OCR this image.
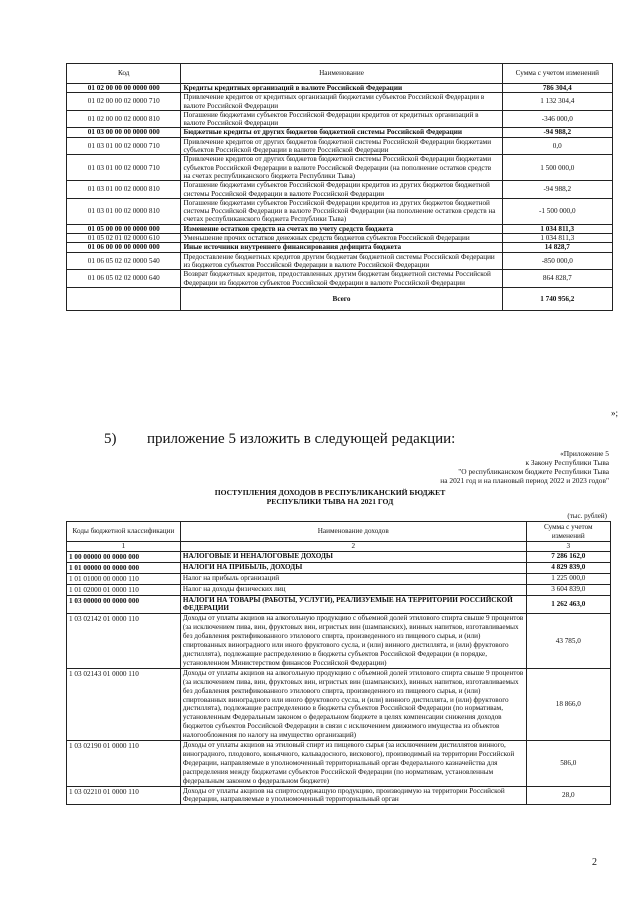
Код	Наименование	Сумма с учетом изменений
01 02 00 00 00 0000 000	Кредиты кредитных организаций в валюте Российской Федерации	786 304,4
01 02 00 00 02 0000 710	Привлечение кредитов от кредитных организаций бюджетами субъектов Российской Федерации в валюте Российской Федерации	1 132 304,4
01 02 00 00 02 0000 810	Погашение бюджетами субъектов Российской Федерации кредитов от кредитных организаций в валюте Российской Федерации	-346 000,0
01 03 00 00 00 0000 000	Бюджетные кредиты от других бюджетов бюджетной системы Российской Федерации	-94 988,2
01 03 01 00 02 0000 710	Привлечение кредитов от других бюджетов бюджетной системы Российской Федерации бюджетами субъектов Российской Федерации в валюте Российской Федерации	0,0
01 03 01 00 02 0000 710	Привлечение кредитов от других бюджетов бюджетной системы Российской Федерации бюджетами субъектов Российской Федерации в валюте Российской Федерации (на пополнение остатков средств на счетах республиканского бюджета Республики Тыва)	1 500 000,0
01 03 01 00 02 0000 810	Погашение бюджетами субъектов Российской Федерации кредитов из других бюджетов бюджетной системы Российской Федерации в валюте Российской Федерации	-94 988,2
01 03 01 00 02 0000 810	Погашение бюджетами субъектов Российской Федерации кредитов из других бюджетов бюджетной системы Российской Федерации в валюте Российской Федерации (на пополнение остатков средств на счетах республиканского бюджета Республики Тыва)	-1 500 000,0
01 05 00 00 00 0000 000	Изменение остатков средств на счетах по учету средств бюджета	1 034 811,3
01 05 02 01 02 0000 610	Уменьшение прочих остатков денежных средств бюджетов субъектов Российской Федерации	1 034 811,3
01 06 00 00 00 0000 000	Иные источники внутреннего финансирования дефицита бюджета	14 828,7
01 06 05 02 02 0000 540	Предоставление бюджетных кредитов другим бюджетам бюджетной системы Российской Федерации из бюджетов субъектов Российской Федерации в валюте Российской Федерации	-850 000,0
01 06 05 02 02 0000 640	Возврат бюджетных кредитов, предоставленных другим бюджетам бюджетной системы Российской Федерации из бюджетов субъектов Российской Федерации в валюте Российской Федерации	864 828,7
	Всего	1 740 956,2
»;
5) приложение 5 изложить в следующей редакции:
«Приложение 5
к Закону Республики Тыва
"О республиканском бюджете Республики Тыва
на 2021 год и на плановый период 2022 и 2023 годов"
ПОСТУПЛЕНИЯ ДОХОДОВ В РЕСПУБЛИКАНСКИЙ БЮДЖЕТ
РЕСПУБЛИКИ ТЫВА НА 2021 ГОД
(тыс. рублей)
Коды бюджетной классификации	Наименование доходов	Сумма с учетом изменений
1	2	3
1 00 00000 00 0000 000	НАЛОГОВЫЕ И НЕНАЛОГОВЫЕ ДОХОДЫ	7 286 162,0
1 01 00000 00 0000 000	НАЛОГИ НА ПРИБЫЛЬ, ДОХОДЫ	4 829 839,0
1 01 01000 00 0000 110	Налог на прибыль организаций	1 225 000,0
1 01 02000 01 0000 110	Налог на доходы физических лиц	3 604 839,0
1 03 00000 00 0000 000	НАЛОГИ НА ТОВАРЫ (РАБОТЫ, УСЛУГИ), РЕАЛИЗУЕМЫЕ НА ТЕРРИТОРИИ РОССИЙСКОЙ ФЕДЕРАЦИИ	1 262 463,0
1 03 02142 01 0000 110	Доходы от уплаты акцизов на алкогольную продукцию с объемной долей этилового спирта свыше 9 процентов (за исключением пива, вин, фруктовых вин, игристых вин (шампанских), винных напитков, изготавливаемых без добавления ректификованного этилового спирта, произведенного из пищевого сырья, и (или) спиртованных виноградного или иного фруктового сусла, и (или) винного дистиллята, и (или) фруктового дистиллята), подлежащие распределению в бюджеты субъектов Российской Федерации (в порядке, установленном Министерством финансов Российской Федерации)	43 785,0
1 03 02143 01 0000 110	Доходы от уплаты акцизов на алкогольную продукцию с объемной долей этилового спирта свыше 9 процентов (за исключением пива, вин, фруктовых вин, игристых вин (шампанских), винных напитков, изготавливаемых без добавления ректификованного этилового спирта, произведенного из пищевого сырья, и (или) спиртованных виноградного или иного фруктового сусла, и (или) винного дистиллята, и (или) фруктового дистиллята), подлежащие распределению в бюджеты субъектов Российской Федерации (по нормативам, установленным Федеральным законом о федеральном бюджете в целях компенсации снижения доходов бюджетов субъектов Российской Федерации в связи с исключением движимого имущества из объектов налогообложения по налогу на имущество организаций)	18 866,0
1 03 02190 01 0000 110	Доходы от уплаты акцизов на этиловый спирт из пищевого сырья (за исключением дистиллятов винного, виноградного, плодового, коньячного, кальвадосного, вискового), производимый на территории Российской Федерации, направляемые в уполномоченный территориальный орган Федерального казначейства для распределения между бюджетами субъектов Российской Федерации (по нормативам, установленным федеральным законом о федеральном бюджете)	586,0
1 03 02210 01 0000 110	Доходы от уплаты акцизов на спиртосодержащую продукцию, производимую на территории Российской Федерации, направляемые в уполномоченный территориальный орган	28,0
2
